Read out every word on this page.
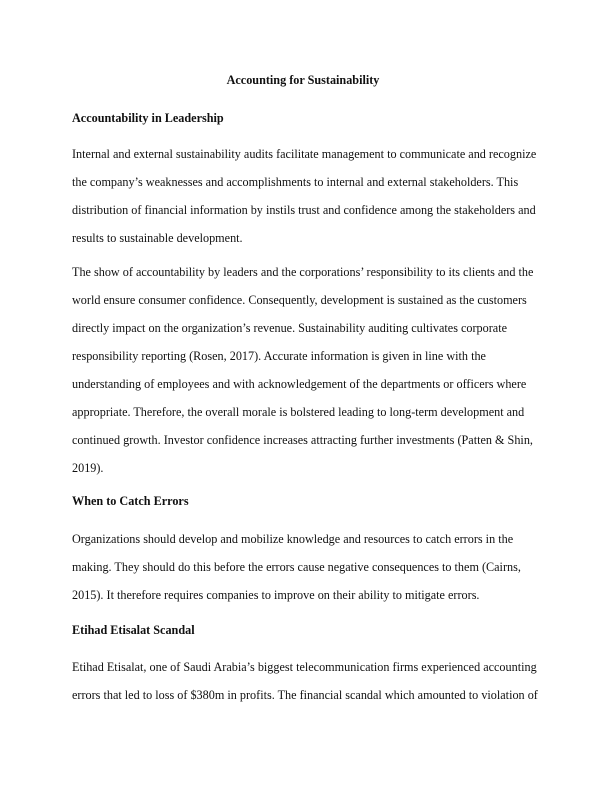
Accounting for Sustainability
Accountability in Leadership
Internal and external sustainability audits facilitate management to communicate and recognize
the company’s weaknesses and accomplishments to internal and external stakeholders. This
distribution of financial information by instils trust and confidence among the stakeholders and
results to sustainable development.
The show of accountability by leaders and the corporations’ responsibility to its clients and the
world ensure consumer confidence. Consequently, development is sustained as the customers
directly impact on the organization’s revenue. Sustainability auditing cultivates corporate
responsibility reporting (Rosen, 2017). Accurate information is given in line with the
understanding of employees and with acknowledgement of the departments or officers where
appropriate. Therefore, the overall morale is bolstered leading to long-term development and
continued growth. Investor confidence increases attracting further investments (Patten & Shin,
2019).
When to Catch Errors
Organizations should develop and mobilize knowledge and resources to catch errors in the
making. They should do this before the errors cause negative consequences to them (Cairns,
2015). It therefore requires companies to improve on their ability to mitigate errors.
Etihad Etisalat Scandal
Etihad Etisalat, one of Saudi Arabia’s biggest telecommunication firms experienced accounting
errors that led to loss of $380m in profits. The financial scandal which amounted to violation of
